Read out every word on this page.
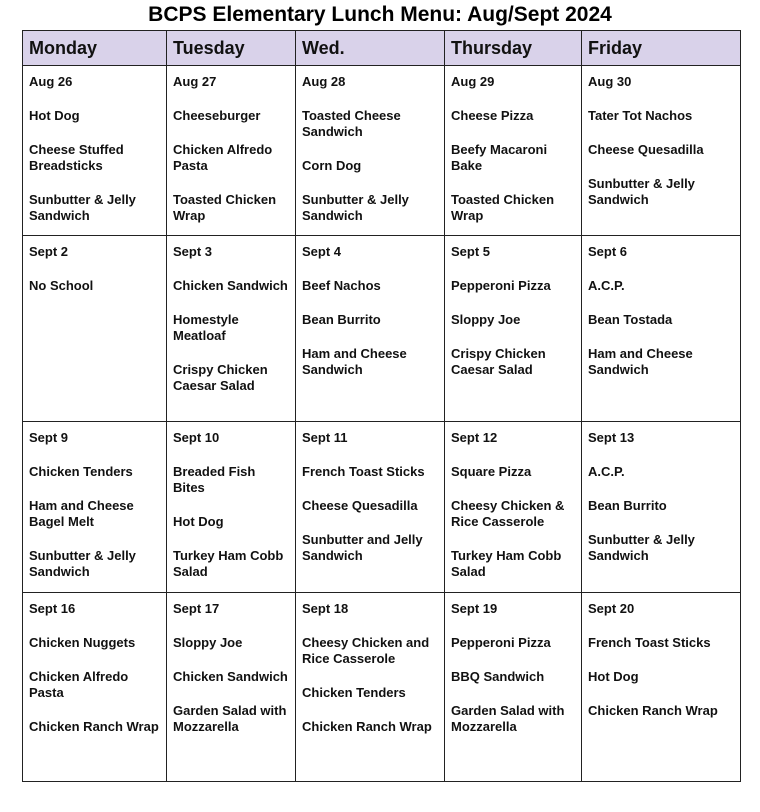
BCPS Elementary Lunch Menu: Aug/Sept 2024
Monday	Tuesday	Wed.	Thursday	Friday

Aug 26
Hot Dog
Cheese Stuffed Breadsticks
Sunbutter & Jelly Sandwich	Aug 27
Cheeseburger
Chicken Alfredo Pasta
Toasted Chicken Wrap	Aug 28
Toasted Cheese Sandwich
Corn Dog
Sunbutter & Jelly Sandwich	Aug 29
Cheese Pizza
Beefy Macaroni Bake
Toasted Chicken Wrap	Aug 30
Tater Tot Nachos
Cheese Quesadilla
Sunbutter & Jelly Sandwich

Sept 2
No School	Sept 3
Chicken Sandwich
Homestyle Meatloaf
Crispy Chicken Caesar Salad	Sept 4
Beef Nachos
Bean Burrito
Ham and Cheese Sandwich	Sept 5
Pepperoni Pizza
Sloppy Joe
Crispy Chicken Caesar Salad	Sept 6
A.C.P.
Bean Tostada
Ham and Cheese Sandwich

Sept 9
Chicken Tenders
Ham and Cheese Bagel Melt
Sunbutter & Jelly Sandwich	Sept 10
Breaded Fish Bites
Hot Dog
Turkey Ham Cobb Salad	Sept 11
French Toast Sticks
Cheese Quesadilla
Sunbutter and Jelly Sandwich	Sept 12
Square Pizza
Cheesy Chicken & Rice Casserole
Turkey Ham Cobb Salad	Sept 13
A.C.P.
Bean Burrito
Sunbutter & Jelly Sandwich

Sept 16
Chicken Nuggets
Chicken Alfredo Pasta
Chicken Ranch Wrap	Sept 17
Sloppy Joe
Chicken Sandwich
Garden Salad with Mozzarella	Sept 18
Cheesy Chicken and Rice Casserole
Chicken Tenders
Chicken Ranch Wrap	Sept 19
Pepperoni Pizza
BBQ Sandwich
Garden Salad with Mozzarella	Sept 20
French Toast Sticks
Hot Dog
Chicken Ranch Wrap
